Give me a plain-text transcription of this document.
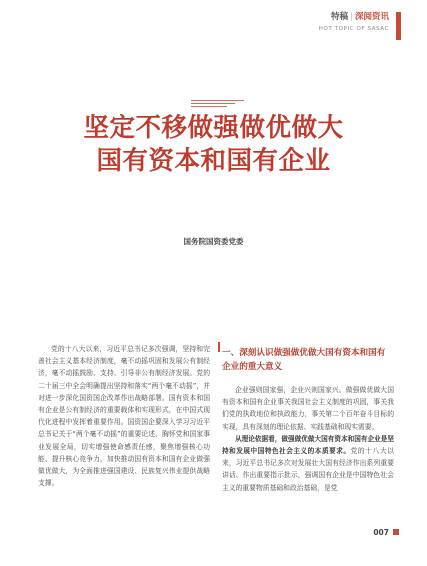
特稿 | 深阅资讯
HOT TOPIC OF SASAC
坚定不移做强做优做大
国有资本和国有企业
国务院国资委党委
党的十八大以来，习近平总书记多次强调，坚持和完善社会主义基本经济制度，毫不动摇巩固和发展公有制经济，毫不动摇鼓励、支持、引导非公有制经济发展。党的二十届三中全会明确提出坚持和落实“两个毫不动摇”，并对进一步深化国资国企改革作出战略部署。国有资本和国有企业是公有制经济的重要载体和实现形式，在中国式现代化进程中发挥着重要作用。国资国企要深入学习习近平总书记关于“两个毫不动摇”的重要论述，胸怀党和国家事业发展全局，切实增强使命感责任感，聚焦增强核心功能、提升核心竞争力，加快推动国有资本和国有企业做强做优做大，为全面推进强国建设、民族复兴伟业提供战略支撑。
一、深刻认识做强做优做大国有资本和国有企业的重大意义

企业强则国家强，企业兴则国家兴。做强做优做大国有资本和国有企业事关我国社会主义制度的巩固，事关我们党的执政地位和执政能力，事关第二个百年奋斗目标的实现，具有深刻的理论依据、实践基础和现实需要。

从理论依据看，做强做优做大国有资本和国有企业是坚持和发展中国特色社会主义的本质要求。党的十八大以来，习近平总书记多次对发展壮大国有经济作出系列重要讲话、作出重要指示批示，强调国有企业是中国特色社会主义的重要物质基础和政治基础，是党

007
